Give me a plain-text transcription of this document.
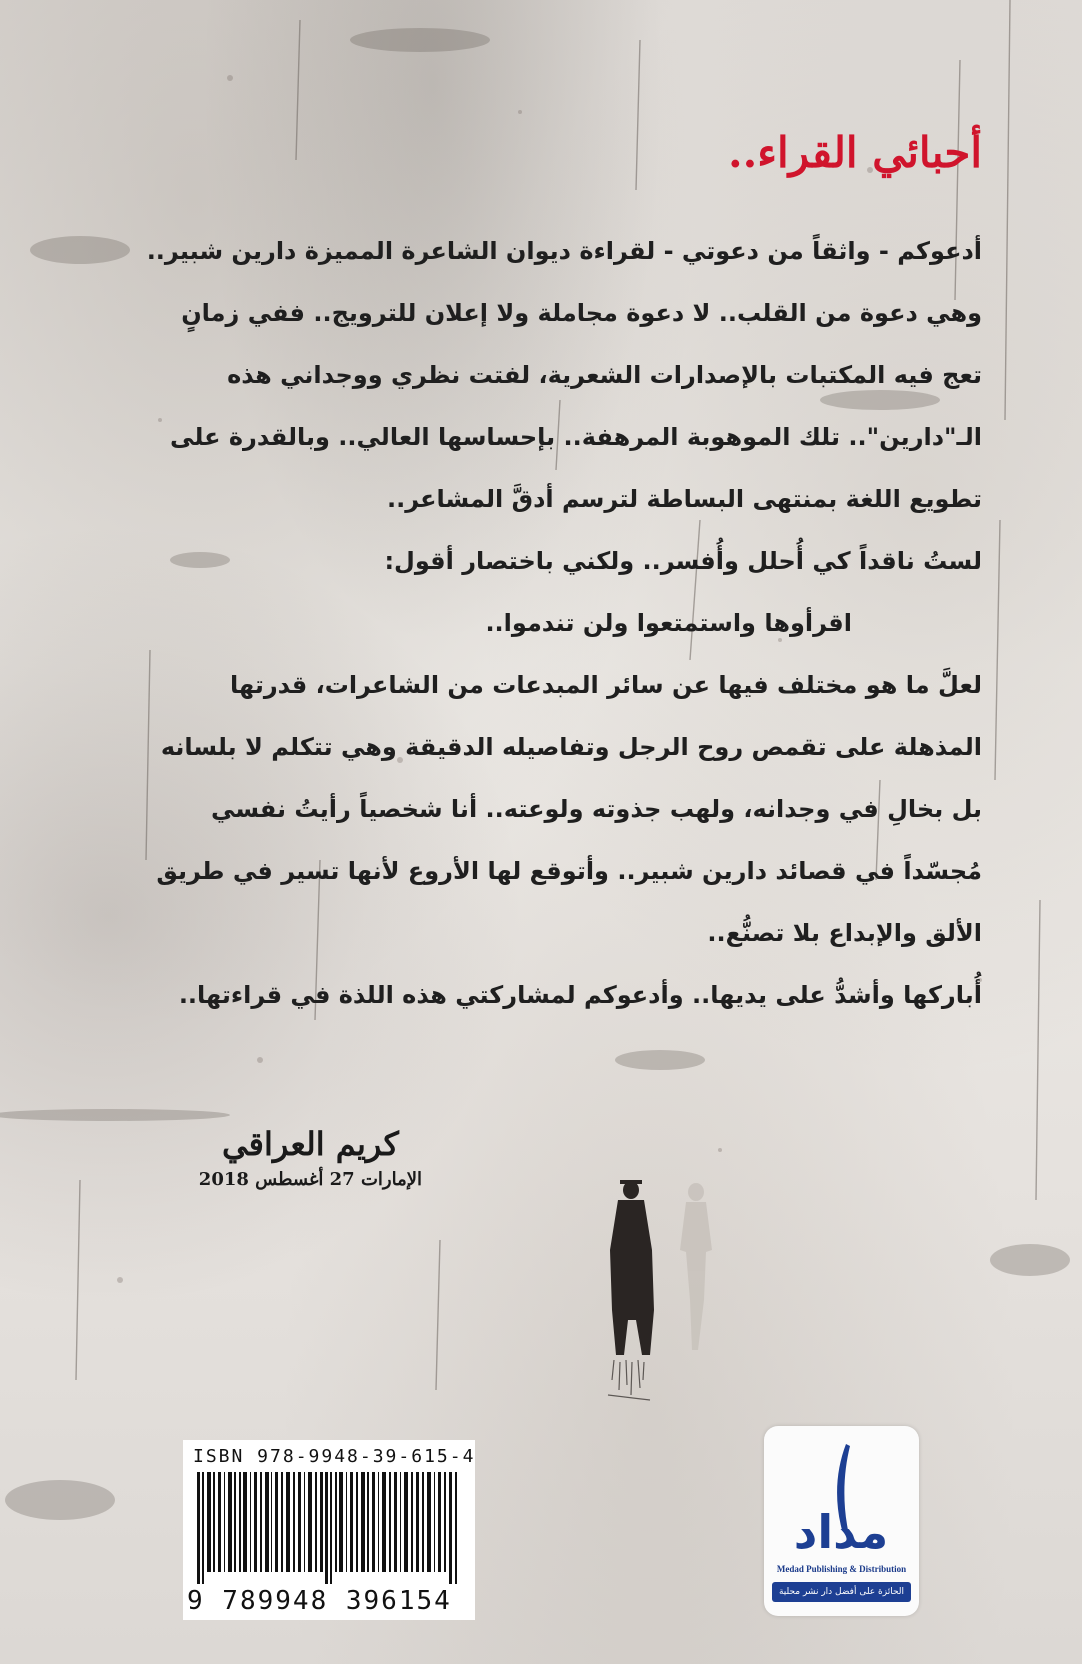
أحبائي القراء..

أدعوكم - واثقاً من دعوتي - لقراءة ديوان الشاعرة المميزة دارين شبير..

وهي دعوة من القلب.. لا دعوة مجاملة ولا إعلان للترويج.. ففي زمانٍ

تعج فيه المكتبات بالإصدارات الشعرية، لفتت نظري ووجداني هذه

الـ"دارين".. تلك الموهوبة المرهفة.. بإحساسها العالي.. وبالقدرة على

تطويع اللغة بمنتهى البساطة لترسم أدقَّ المشاعر..

لستُ ناقداً كي أُحلل وأُفسر.. ولكني باختصار أقول:

اقرأوها واستمتعوا ولن تندموا..

لعلَّ ما هو مختلف فيها عن سائر المبدعات من الشاعرات، قدرتها

المذهلة على تقمص روح الرجل وتفاصيله الدقيقة وهي تتكلم لا بلسانه

بل بخالِ في وجدانه، ولهب جذوته ولوعته.. أنا شخصياً رأيتُ نفسي

مُجسّداً في قصائد دارين شبير.. وأتوقع لها الأروع لأنها تسير في طريق

الألق والإبداع بلا تصنُّع..

أُباركها وأشدُّ على يديها.. وأدعوكم لمشاركتي هذه اللذة في قراءتها..

كريم العراقي

الإمارات 27 أغسطس 2018

ISBN 978-9948-39-615-4
9 789948 396154
مداد
Medad Publishing & Distribution
الحائزة على أفضل دار نشر محلية
